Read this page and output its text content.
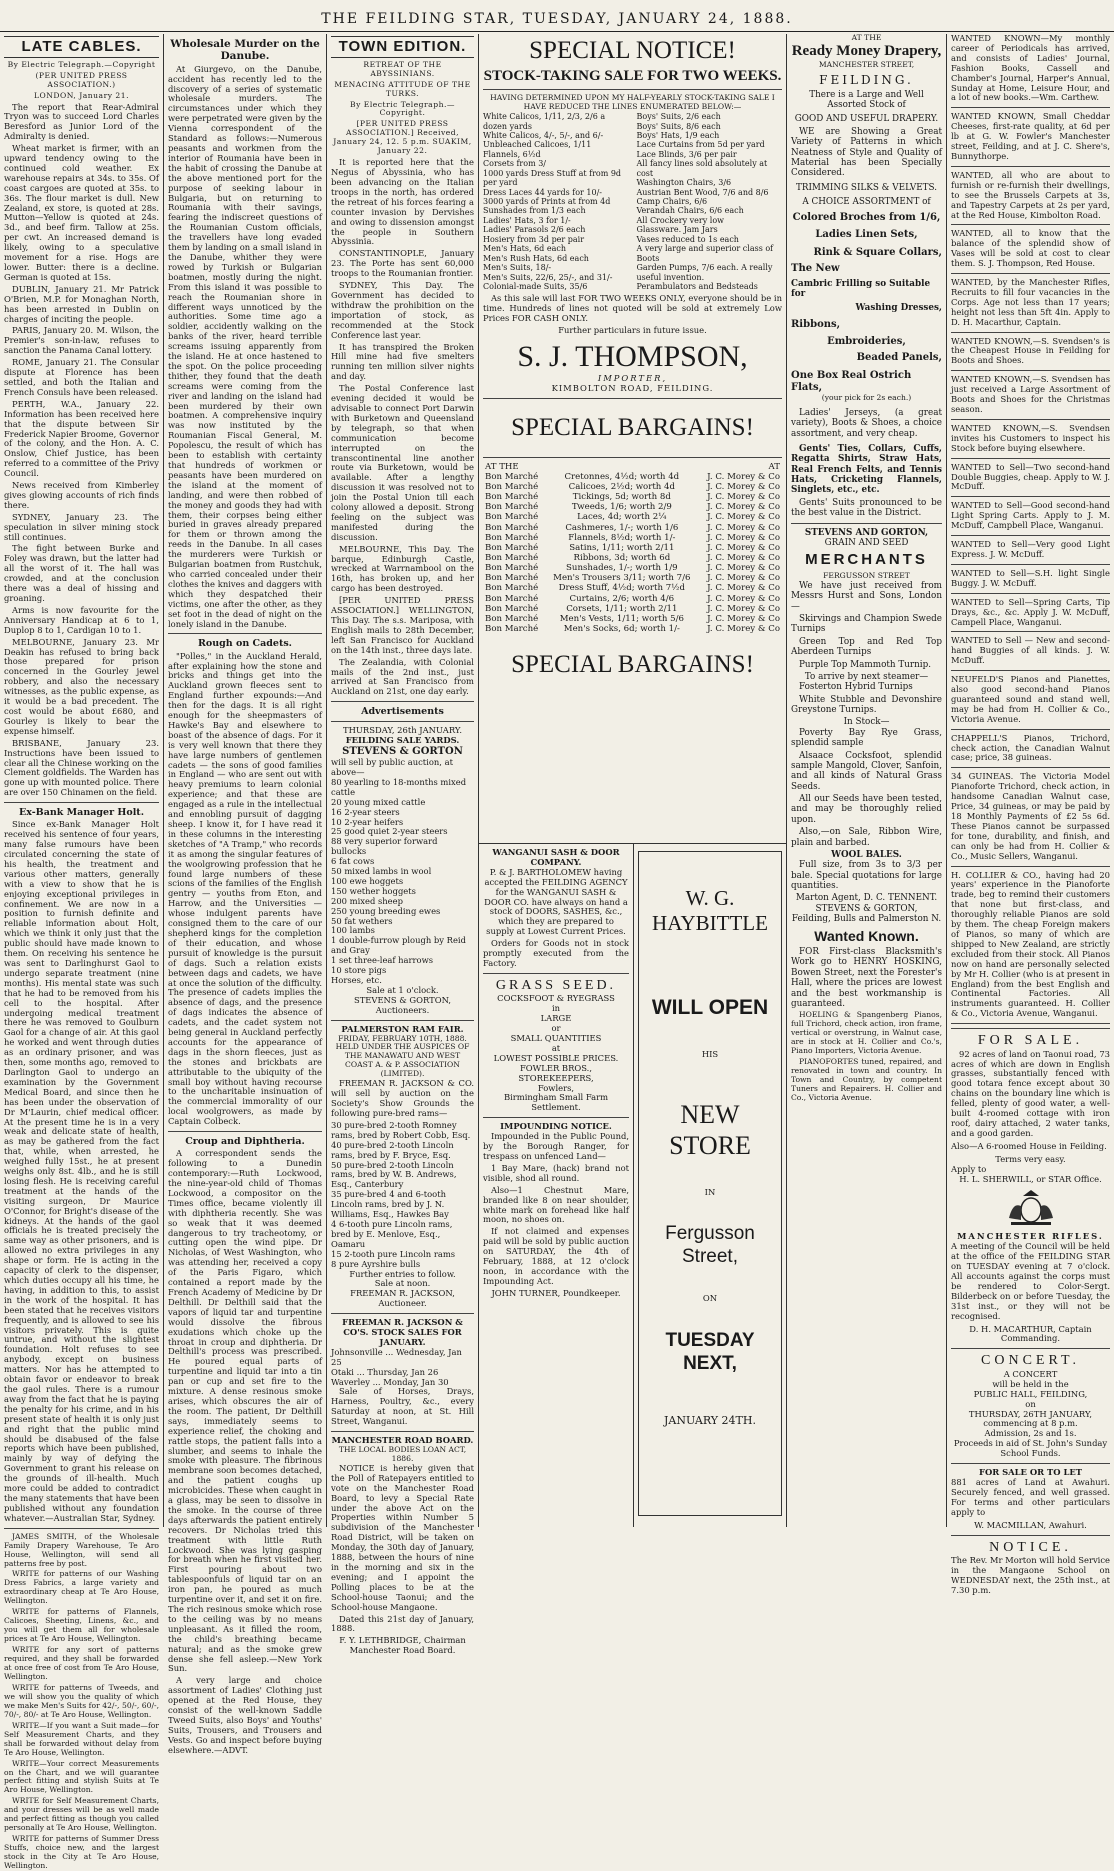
THE FEILDING STAR, TUESDAY, JANUARY 24, 1888.
LATE CABLES.
By Electric Telegraph.—Copyright
(PER UNITED PRESS ASSOCIATION.)
LONDON, January 21.

The report that Rear-Admiral Tryon was to succeed Lord Charles Beresford as Junior Lord of the Admiralty is denied.

Wheat market is firmer, with an upward tendency owing to the continued cold weather. Ex warehouse repairs at 34s. to 35s. Of coast cargoes are quoted at 35s. to 36s. The flour market is dull. New Zealand, ex store, is quoted at 28s. Mutton—Yellow is quoted at 24s. 3d., and beef firm. Tallow at 25s. per cwt. An increased demand is likely, owing to a speculative movement for a rise. Hogs are lower. Butter: there is a decline. German is quoted at 15s.

DUBLIN, January 21. Mr Patrick O'Brien, M.P. for Monaghan North, has been arrested in Dublin on charges of inciting the people.

PARIS, January 20. M. Wilson, the Premier's son-in-law, refuses to sanction the Panama Canal lottery.

ROME, January 21. The Consular dispute at Florence has been settled, and both the Italian and French Consuls have been released.

PERTH, W.A., January 22. Information has been received here that the dispute between Sir Frederick Napier Broome, Governor of the colony, and the Hon. A. C. Onslow, Chief Justice, has been referred to a committee of the Privy Council.

News received from Kimberley gives glowing accounts of rich finds there.

SYDNEY, January 23. The speculation in silver mining stock still continues.

The fight between Burke and Foley was drawn, but the latter had all the worst of it. The hall was crowded, and at the conclusion there was a deal of hissing and groaning.

Arms is now favourite for the Anniversary Handicap at 6 to 1, Duplop 8 to 1, Cardigan 10 to 1.

MELBOURNE, January 23. Mr Deakin has refused to bring back those prepared for prison concerned in the Gourley jewel robbery, and also the necessary witnesses, as the public expense, as it would be a bad precedent. The cost would be about £680, and Gourley is likely to bear the expense himself.

BRISBANE, January 23. Instructions have been issued to clear all the Chinese working on the Clement goldfields. The Warden has gone up with mounted police. There are over 150 Chinamen on the field.

Ex-Bank Manager Holt.

Since ex-Bank Manager Holt received his sentence of four years, many false rumours have been circulated concerning the state of his health, the treatment and various other matters, generally with a view to show that he is enjoying exceptional privileges in confinement. We are now in a position to furnish definite and reliable information about Holt, which we think it only just that the public should have made known to them. On receiving his sentence he was sent to Darlinghurst Gaol to undergo separate treatment (nine months). His mental state was such that he had to be removed from his cell to the hospital. After undergoing medical treatment there he was removed to Goulburn Gaol for a change of air. At this gaol he worked and went through duties as an ordinary prisoner, and was then, some months ago, removed to Darlington Gaol to undergo an examination by the Government Medical Board, and since then he has been under the observation of Dr M'Laurin, chief medical officer. At the present time he is in a very weak and delicate state of health, as may be gathered from the fact that, while, when arrested, he weighed fully 15st., he at present weighs only 8st. 4lb., and he is still losing flesh. He is receiving careful treatment at the hands of the visiting surgeon, Dr Maurice O'Connor, for Bright's disease of the kidneys. At the hands of the gaol officials he is treated precisely the same way as other prisoners, and is allowed no extra privileges in any shape or form. He is acting in the capacity of clerk to the dispenser, which duties occupy all his time, he having, in addition to this, to assist in the work of the hospital. It has been stated that he receives visitors frequently, and is allowed to see his visitors privately. This is quite untrue, and without the slightest foundation. Holt refuses to see anybody, except on business matters. Nor has he attempted to obtain favor or endeavor to break the gaol rules. There is a rumour away from the fact that he is paying the penalty for his crime, and in his present state of health it is only just and right that the public mind should be disabused of the false reports which have been published, mainly by way of defying the Government to grant his release on the grounds of ill-health. Much more could be added to contradict the many statements that have been published without any foundation whatever.—Australian Star, Sydney.

JAMES SMITH, of the Wholesale Family Drapery Warehouse, Te Aro House, Wellington, will send all patterns free by post.

WRITE for patterns of our Washing Dress Fabrics, a large variety and extraordinary cheap at Te Aro House, Wellington.

WRITE for patterns of Flannels, Calicoes, Sheeting, Linens, &c., and you will get them all for wholesale prices at Te Aro House, Wellington.

WRITE for any sort of patterns required, and they shall be forwarded at once free of cost from Te Aro House, Wellington.

WRITE for patterns of Tweeds, and we will show you the quality of which we make Men's Suits for 42/-, 50/-, 60/-, 70/-, 80/- at Te Aro House, Wellington.

WRITE—If you want a Suit made—for Self Measurement Charts, and they shall be forwarded without delay from Te Aro House, Wellington.

WRITE—Your correct Measurements on the Chart, and we will guarantee perfect fitting and stylish Suits at Te Aro House, Wellington.

WRITE for Self Measurement Charts, and your dresses will be as well made and perfect fitting as though you called personally at Te Aro House, Wellington.

WRITE for patterns of Summer Dress Stuffs, choice new, and the largest stock in the City at Te Aro House, Wellington.

Wholesale Murder on the Danube.

At Giurgevo, on the Danube, accident has recently led to the discovery of a series of systematic wholesale murders. The circumstances under which they were perpetrated were given by the Vienna correspondent of the Standard as follows:—Numerous peasants and workmen from the interior of Roumania have been in the habit of crossing the Danube at the above mentioned port for the purpose of seeking labour in Bulgaria, but on returning to Roumania with their savings, fearing the indiscreet questions of the Roumanian Custom officials, the travellers have long evaded them by landing on a small island in the Danube, whither they were rowed by Turkish or Bulgarian boatmen, mostly during the night. From this island it was possible to reach the Roumanian shore in different ways unnoticed by the authorities. Some time ago a soldier, accidently walking on the banks of the river, heard terrible screams issuing apparently from the island. He at once hastened to the spot. On the police proceeding thither, they found that the death screams were coming from the river and landing on the island had been murdered by their own boatmen. A comprehensive inquiry was now instituted by the Roumanian Fiscal General, M. Popolescu, the result of which has been to establish with certainty that hundreds of workmen or peasants have been murdered on the island at the moment of landing, and were then robbed of the money and goods they had with them, their corpses being either buried in graves already prepared for them or thrown among the reeds in the Danube. In all cases the murderers were Turkish or Bulgarian boatmen from Rustchuk, who carried concealed under their clothes the knives and daggers with which they despatched their victims, one after the other, as they set foot in the dead of night on the lonely island in the Danube.

Rough on Cadets.

"Polles," in the Auckland Herald, after explaining how the stone and bricks and things get into the Auckland grown fleeces sent to England further expounds:—And then for the dags. It is all right enough for the sheepmasters of Hawke's Bay and elsewhere to boast of the absence of dags. For it is very well known that there they have large numbers of gentlemen cadets — the sons of good families in England — who are sent out with heavy premiums to learn colonial experience; and that these are engaged as a rule in the intellectual and ennobling pursuit of dagging sheep. I know it, for I have read it in these columns in the interesting sketches of "A Tramp," who records it as among the singular features of the woolgrowing profession that he found large numbers of these scions of the families of the English gentry — youths from Eton, and Harrow, and the Universities — whose indulgent parents have consigned them to the care of our shepherd kings for the completion of their education, and whose pursuit of knowledge is the pursuit of dags. Such a relation exists between dags and cadets, we have at once the solution of the difficulty. The presence of cadets implies the absence of dags, and the presence of dags indicates the absence of cadets, and the cadet system not being general in Auckland perfectly accounts for the appearance of dags in the shorn fleeces, just as the stones and brickbats are attributable to the ubiquity of the small boy without having recourse to the uncharitable insinuation of the commercial immorality of our local woolgrowers, as made by Captain Colbeck.

Croup and Diphtheria.

A correspondent sends the following to a Dunedin contemporary:—Ruth Lockwood, the nine-year-old child of Thomas Lockwood, a compositor on the Times office, became violently ill with diphtheria recently. She was so weak that it was deemed dangerous to try tracheotomy, or cutting open the wind pipe. Dr Nicholas, of West Washington, who was attending her, received a copy of the Paris Figaro, which contained a report made by the French Academy of Medicine by Dr Delthill. Dr Delthill said that the vapors of liquid tar and turpentine would dissolve the fibrous exudations which choke up the throat in croup and diphtheria. Dr Delthill's process was prescribed. He poured equal parts of turpentine and liquid tar into a tin pan or cup and set fire to the mixture. A dense resinous smoke arises, which obscures the air of the room. The patient, Dr Delthill says, immediately seems to experience relief, the choking and rattle stops, the patient falls into a slumber, and seems to inhale the smoke with pleasure. The fibrinous membrane soon becomes detached, and the patient coughs up microbicides. These when caught in a glass, may be seen to dissolve in the smoke. In the course of three days afterwards the patient entirely recovers. Dr Nicholas tried this treatment with little Ruth Lockwood. She was lying gasping for breath when he first visited her. First pouring about two tablespoonfuls of liquid tar on an iron pan, he poured as much turpentine over it, and set it on fire. The rich resinous smoke which rose to the ceiling was by no means unpleasant. As it filled the room, the child's breathing became natural; and as the smoke grew dense she fell asleep.—New York Sun.

A very large and choice assortment of Ladies' Clothing just opened at the Red House, they consist of the well-known Saddle Tweed Suits, also Boys' and Youths' Suits, Trousers, and Trousers and Vests. Go and inspect before buying elsewhere.—ADVT.

TOWN EDITION.
RETREAT OF THE ABYSSINIANS.
MENACING ATTITUDE OF THE TURKS.
By Electric Telegraph.—Copyright.
[PER UNITED PRESS ASSOCIATION.] Received, January 24, 12. 5 p.m. SUAKIM, January 22.

It is reported here that the Negus of Abyssinia, who has been advancing on the Italian troops in the north, has ordered the retreat of his forces fearing a counter invasion by Dervishes and owing to dissension amongst the people in Southern Abyssinia.

CONSTANTINOPLE, January 23. The Porte has sent 60,000 troops to the Roumanian frontier.

SYDNEY, This Day. The Government has decided to withdraw the prohibition on the importation of stock, as recommended at the Stock Conference last year.

It has transpired the Broken Hill mine had five smelters running ten million silver nights and day.

The Postal Conference last evening decided it would be advisable to connect Port Darwin with Burketown and Queensland by telegraph, so that when communication become interrupted on the transcontinental line another route via Burketown, would be available. After a lengthy discussion it was resolved not to join the Postal Union till each colony allowed a deposit. Strong feeling on the subject was manifested during the discussion.

MELBOURNE, This Day. The barque, Edinburgh Castle, wrecked at Warrnambool on the 16th, has broken up, and her cargo has been destroyed.

[PER UNITED PRESS ASSOCIATION.] WELLINGTON, This Day. The s.s. Mariposa, with English mails to 28th December, left San Francisco for Auckland on the 14th inst., three days late.

The Zealandia, with Colonial mails of the 2nd inst., just arrived at San Francisco from Auckland on 21st, one day early.

Advertisements
THURSDAY, 26th JANUARY.
FEILDING SALE YARDS.
STEVENS & GORTON
will sell by public auction, at above—
80 yearling to 18-months mixed cattle
20 young mixed cattle
16 2-year steers
10 2-year heifers
25 good quiet 2-year steers
88 very superior forward bullocks
6 fat cows
50 mixed lambs in wool
100 ewe hoggets
150 wether hoggets
200 mixed sheep
250 young breeding ewes
50 fat wethers
100 lambs
1 double-furrow plough by Reid and Gray
1 set three-leaf harrows
10 store pigs
Horses, etc.
Sale at 1 o'clock.
STEVENS & GORTON, Auctioneers.
PALMERSTON RAM FAIR.
FRIDAY, FEBRUARY 10TH, 1888. HELD UNDER THE AUSPICES OF THE MANAWATU AND WEST COAST A. & P. ASSOCIATION (LIMITED).

FREEMAN R. JACKSON & CO. will sell by auction on the Society's Show Grounds the following pure-bred rams—

30 pure-bred 2-tooth Romney rams, bred by Robert Cobb, Esq.
40 pure-bred 2-tooth Lincoln rams, bred by F. Bryce, Esq.
50 pure-bred 2-tooth Lincoln rams, bred by W. B. Andrews, Esq., Canterbury
35 pure-bred 4 and 6-tooth Lincoln rams, bred by J. N. Williams, Esq., Hawkes Bay
4 6-tooth pure Lincoln rams, bred by E. Menlove, Esq., Oamaru
15 2-tooth pure Lincoln rams
8 pure Ayrshire bulls
Further entries to follow.
Sale at noon.
FREEMAN R. JACKSON, Auctioneer.
FREEMAN R. JACKSON & CO'S. STOCK SALES FOR JANUARY.
Johnsonville ... Wednesday, Jan 25
Otaki ... Thursday, Jan 26
Waverley ... Monday, Jan 30

Sale of Horses, Drays, Harness, Poultry, &c., every Saturday at noon, at St. Hill Street, Wanganui.

MANCHESTER ROAD BOARD.
THE LOCAL BODIES LOAN ACT, 1886.

NOTICE is hereby given that the Poll of Ratepayers entitled to vote on the Manchester Road Board, to levy a Special Rate under the above Act on the Properties within Number 5 subdivision of the Manchester Road District, will be taken on Monday, the 30th day of January, 1888, between the hours of nine in the morning and six in the evening; and I appoint the Polling places to be at the School-house Taonui; and the School-house Mangaone.

Dated this 21st day of January, 1888.

F. Y. LETHBRIDGE, Chairman Manchester Road Board.
SPECIAL NOTICE!
STOCK-TAKING SALE FOR TWO WEEKS.
HAVING DETERMINED UPON MY HALF-YEARLY STOCK-TAKING SALE I HAVE REDUCED THE LINES ENUMERATED BELOW:—
White Calicos, 1/11, 2/3, 2/6 a dozen yards
White Calicos, 4/-, 5/-, and 6/-
Unbleached Calicoes, 1/11
Flannels, 6½d
Corsets from 3/
1000 yards Dress Stuff at from 9d per yard
Dress Laces 44 yards for 10/-
3000 yards of Prints at from 4d
Sunshades from 1/3 each
Ladies' Hats, 3 for 1/-
Ladies' Parasols 2/6 each
Hosiery from 3d per pair
Men's Hats, 6d each
Men's Rush Hats, 6d each
Men's Suits, 18/-
Men's Suits, 22/6, 25/-, and 31/-
Colonial-made Suits, 35/6
Boys' Suits, 2/6 each
Boys' Suits, 8/6 each
Boys' Hats, 1/9 each
Lace Curtains from 5d per yard
Lace Blinds, 3/6 per pair
All fancy lines sold absolutely at cost
Washington Chairs, 3/6
Austrian Bent Wood, 7/6 and 8/6
Camp Chairs, 6/6
Verandah Chairs, 6/6 each
All Crockery very low
Glassware. Jam Jars
Vases reduced to 1s each
A very large and superior class of Boots
Garden Pumps, 7/6 each. A really useful invention.
Perambulators and Bedsteads

As this sale will last FOR TWO WEEKS ONLY, everyone should be in time. Hundreds of lines not quoted will be sold at extremely Low Prices FOR CASH ONLY.

Further particulars in future issue.
S. J. THOMPSON,
IMPORTER,
KIMBOLTON ROAD, FEILDING.
SPECIAL BARGAINS!
AT THE		AT
Bon Marché	Cretonnes, 4½d; worth 4d	J. C. Morey & Co
Bon Marché	Calicoes, 2½d; worth 4d	J. C. Morey & Co
Bon Marché	Tickings, 5d; worth 8d	J. C. Morey & Co
Bon Marché	Tweeds, 1/6; worth 2/9	J. C. Morey & Co
Bon Marché	Laces, 4d; worth 2¼	J. C. Morey & Co
Bon Marché	Cashmeres, 1/-; worth 1/6	J. C. Morey & Co
Bon Marché	Flannels, 8½d; worth 1/-	J. C. Morey & Co
Bon Marché	Satins, 1/11; worth 2/11	J. C. Morey & Co
Bon Marché	Ribbons, 3d; worth 6d	J. C. Morey & Co
Bon Marché	Sunshades, 1/-; worth 1/9	J. C. Morey & Co
Bon Marché	Men's Trousers 3/11; worth 7/6	J. C. Morey & Co
Bon Marché	Dress Stuff, 4½d; worth 7½d	J. C. Morey & Co
Bon Marché	Curtains, 2/6; worth 4/6	J. C. Morey & Co
Bon Marché	Corsets, 1/11; worth 2/11	J. C. Morey & Co
Bon Marché	Men's Vests, 1/11; worth 5/6	J. C. Morey & Co
Bon Marché	Men's Socks, 6d; worth 1/-	J. C. Morey & Co
SPECIAL BARGAINS!
WANGANUI SASH & DOOR COMPANY.

P. & J. BARTHOLOMEW having accepted the FEILDING AGENCY for the WANGANUI SASH & DOOR CO. have always on hand a stock of DOORS, SASHES, &c., which they are prepared to supply at Lowest Current Prices.

Orders for Goods not in stock promptly executed from the Factory.

GRASS SEED.
COCKSFOOT & RYEGRASS
in
LARGE
or
SMALL QUANTITIES
at
LOWEST POSSIBLE PRICES.
FOWLER BROS.,
STOREKEEPERS,
Fowlers,
Birmingham Small Farm Settlement.
IMPOUNDING NOTICE.

Impounded in the Public Pound, by the Borough Ranger, for trespass on unfenced Land—

1 Bay Mare, (hack) brand not visible, shod all round.

Also—1 Chestnut Mare, branded like 8 on near shoulder, white mark on forehead like half moon, no shoes on.

If not claimed and expenses paid will be sold by public auction on SATURDAY, the 4th of February, 1888, at 12 o'clock noon, in accordance with the Impounding Act.

JOHN TURNER, Poundkeeper.
W. G. HAYBITTLE
WILL OPEN
HIS
NEW STORE
IN
Fergusson Street,
ON
TUESDAY NEXT,
JANUARY 24TH.
AT THE
Ready Money Drapery,
MANCHESTER STREET,
FEILDING.
There is a Large and Well Assorted Stock of
GOOD AND USEFUL DRAPERY.

WE are Showing a Great Variety of Patterns in which Neatness of Style and Quality of Material has been Specially Considered.

TRIMMING SILKS & VELVETS.
A CHOICE ASSORTMENT of
Colored Broches from 1/6,
Ladies Linen Sets,
Rink & Square Collars,
The New
Cambric Frilling so Suitable for
Washing Dresses,
Ribbons,
Embroideries,
Beaded Panels,
One Box Real Ostrich Flats,
(your pick for 2s each.)

Ladies' Jerseys, (a great variety), Boots & Shoes, a choice assortment, and very cheap.

Gents' Ties, Collars, Cuffs, Regatta Shirts, Straw Hats, Real French Felts, and Tennis Hats, Cricketing Flannels, Singlets, etc., etc.

Gents' Suits pronounced to be the best value in the District.

STEVENS AND GORTON,
GRAIN AND SEED
MERCHANTS
FERGUSSON STREET

We have just received from Messrs Hurst and Sons, London—

Skirvings and Champion Swede Turnips

Green Top and Red Top Aberdeen Turnips

Purple Top Mammoth Turnip.

To arrive by next steamer—

Fosterton Hybrid Turnips

White Stubble and Devonshire Greystone Turnips.

In Stock—

Poverty Bay Rye Grass, splendid sample

Alsaace Cocksfoot, splendid sample Mangold, Clover, Sanfoin, and all kinds of Natural Grass Seeds.

All our Seeds have been tested, and may be thoroughly relied upon.

Also,—on Sale, Ribbon Wire, plain and barbed.

WOOL BALES.

Full size, from 3s to 3/3 per bale. Special quotations for large quantities.

Marton Agent, D. C. TENNENT.
STEVENS & GORTON,
Feilding, Bulls and Palmerston N.
Wanted Known.

FOR First-class Blacksmith's Work go to HENRY HOSKING, Bowen Street, next the Forester's Hall, where the prices are lowest and the best workmanship is guaranteed.

HOELING & Spangenberg Pianos, full Trichord, check action, iron frame, vertical or overstrung, in Walnut case, are in stock at H. Collier and Co.'s, Piano Importers, Victoria Avenue.

PIANOFORTES tuned, repaired, and renovated in town and country. In Town and Country, by competent Tuners and Repairers. H. Collier and Co., Victoria Avenue.

WANTED KNOWN—My monthly career of Periodicals has arrived, and consists of Ladies' Journal, Fashion Books, Cassell and Chamber's Journal, Harper's Annual, Sunday at Home, Leisure Hour, and a lot of new books.—Wm. Carthew.

WANTED KNOWN, Small Cheddar Cheeses, first-rate quality, at 6d per lb at G. W. Fowler's Manchester street, Feilding, and at J. C. Shere's, Bunnythorpe.

WANTED, all who are about to furnish or re-furnish their dwellings, to see the Brussels Carpets at 3s, and Tapestry Carpets at 2s per yard, at the Red House, Kimbolton Road.

WANTED, all to know that the balance of the splendid show of Vases will be sold at cost to clear them. S. J. Thompson, Red House.

WANTED, by the Manchester Rifles, Recruits to fill four vacancies in the Corps. Age not less than 17 years; height not less than 5ft 4in. Apply to D. H. Macarthur, Captain.

WANTED KNOWN,—S. Svendsen's is the Cheapest House in Feilding for Boots and Shoes.

WANTED KNOWN,—S. Svendsen has just received a Large Assortment of Boots and Shoes for the Christmas season.

WANTED KNOWN,—S. Svendsen invites his Customers to inspect his Stock before buying elsewhere.

WANTED to Sell—Two second-hand Double Buggies, cheap. Apply to W. J. McDuff.

WANTED to Sell—Good second-hand Light Spring Carts. Apply to J. M. McDuff, Campbell Place, Wanganui.

WANTED to Sell—Very good Light Express. J. W. McDuff.

WANTED to Sell—S.H. light Single Buggy. J. W. McDuff.

WANTED to Sell—Spring Carts, Tip Drays, &c., &c. Apply J. W. McDuff, Campell Place, Wanganui.

WANTED to Sell — New and second-hand Buggies of all kinds. J. W. McDuff.

NEUFELD'S Pianos and Pianettes, also good second-hand Pianos guaranteed sound and stand well, may be had from H. Collier & Co., Victoria Avenue.

CHAPPELL'S Pianos, Trichord, check action, the Canadian Walnut case; price, 38 guineas.

34 GUINEAS. The Victoria Model Pianoforte Trichord, check action, in handsome Canadian Walnut case, Price, 34 guineas, or may be paid by 18 Monthly Payments of £2 5s 6d. These Pianos cannot be surpassed for tone, durability, and finish, and can only be had from H. Collier & Co., Music Sellers, Wanganui.

H. COLLIER & CO., having had 20 years' experience in the Pianoforte trade, beg to remind their customers that none but first-class, and thoroughly reliable Pianos are sold by them. The cheap Foreign makers of Pianos, so many of which are shipped to New Zealand, are strictly excluded from their stock. All Pianos now on hand are personally selected by Mr H. Collier (who is at present in England) from the best English and Continental Factories. All instruments guaranteed. H. Collier & Co., Victoria Avenue, Wanganui.

FOR SALE.

92 acres of land on Taonui road, 73 acres of which are down in English grasses, substantially fenced with good totara fence except about 30 chains on the boundary line which is felled, plenty of good water, a well-built 4-roomed cottage with iron roof, dairy attached, 2 water tanks, and a good garden.

Also—A 6-roomed House in Feilding.

Terms very easy.
Apply to
H. L. SHERWILL, or STAR Office.
MANCHESTER RIFLES.

A meeting of the Council will be held at the office of the FEILDING STAR on TUESDAY evening at 7 o'clock. All accounts against the corps must be rendered to Color-Sergt. Bilderbeck on or before Tuesday, the 31st inst., or they will not be recognised.

D. H. MACARTHUR, Captain Commanding.
CONCERT.
A CONCERT
will be held in the
PUBLIC HALL, FEILDING,
on
THURSDAY, 26TH JANUARY,
commencing at 8 p.m.
Admission, 2s and 1s.
Proceeds in aid of St. John's Sunday School Funds.
FOR SALE OR TO LET

881 acres of Land at Awahuri. Securely fenced, and well grassed. For terms and other particulars apply to

W. MACMILLAN, Awahuri.
NOTICE.

The Rev. Mr Morton will hold Service in the Mangaone School on WEDNESDAY next, the 25th inst., at 7.30 p.m.
